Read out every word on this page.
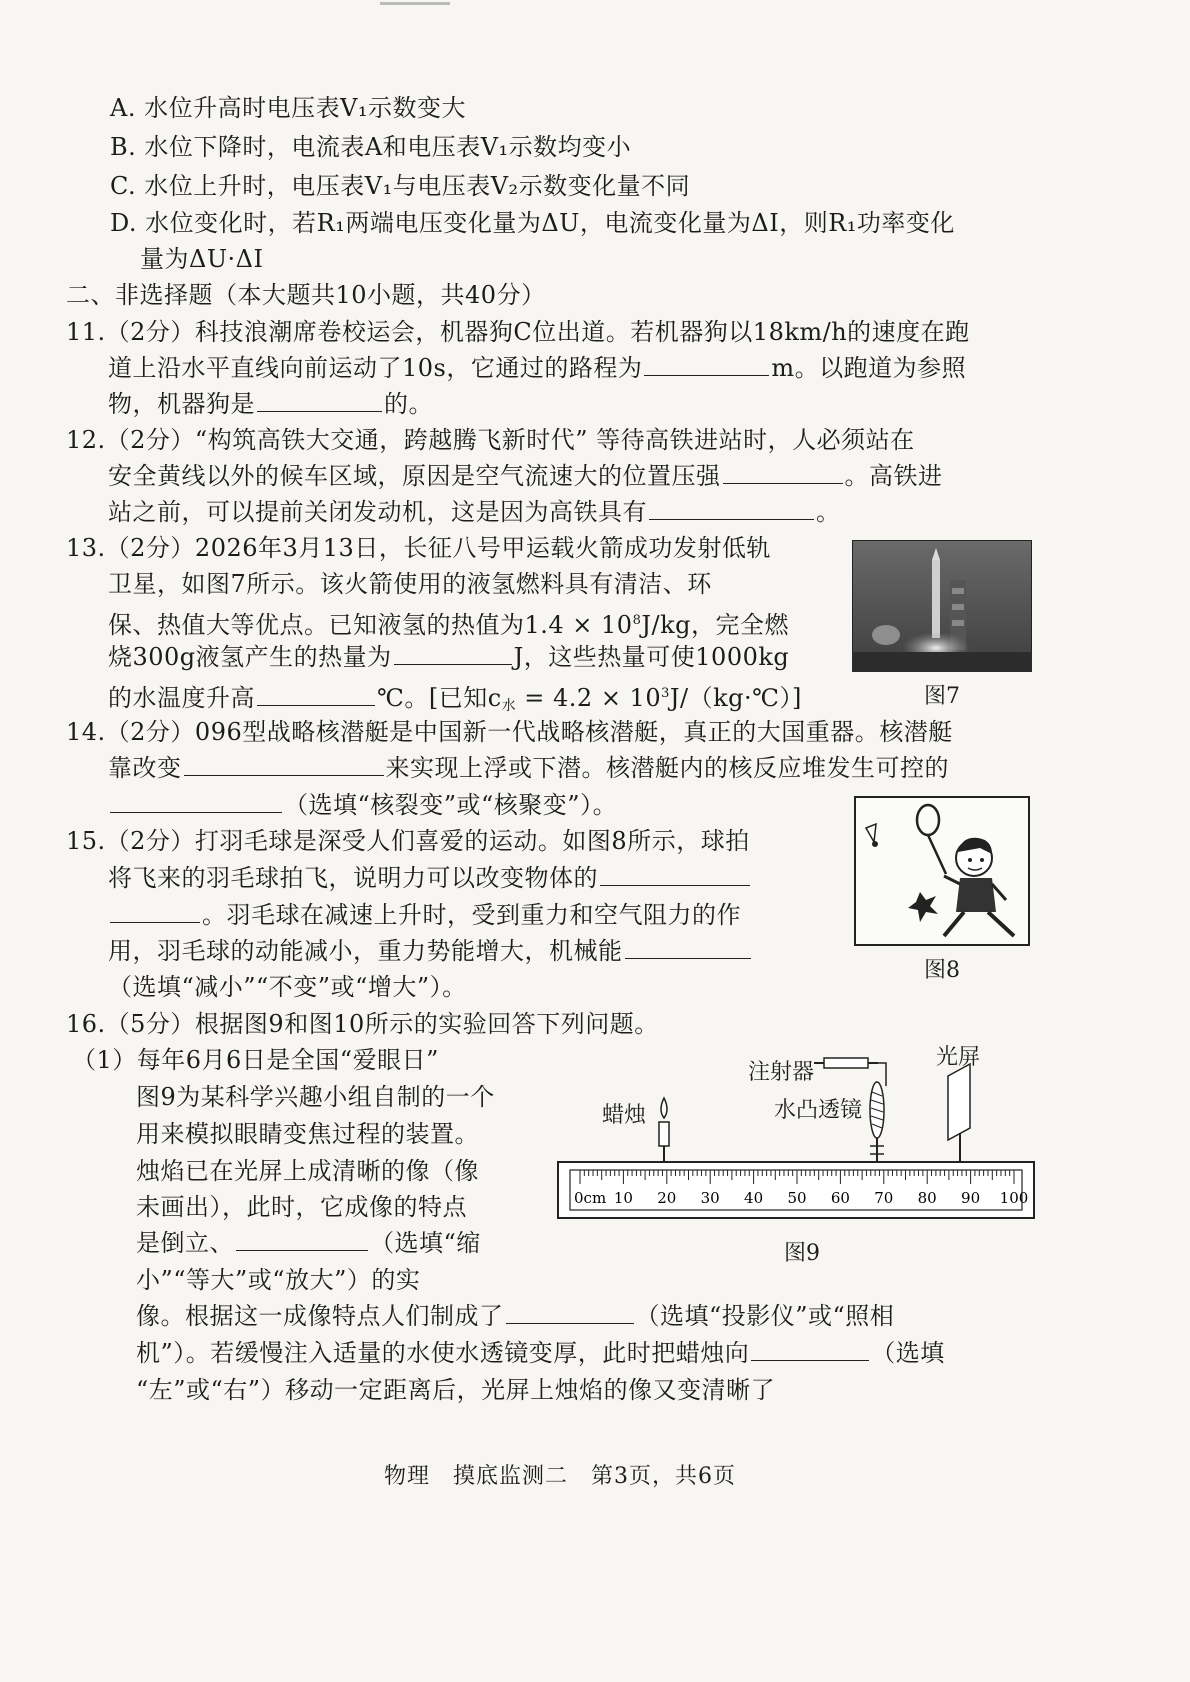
A. 水位升高时电压表V₁示数变大
B. 水位下降时，电流表A和电压表V₁示数均变小
C. 水位上升时，电压表V₁与电压表V₂示数变化量不同
D. 水位变化时，若R₁两端电压变化量为ΔU，电流变化量为ΔI，则R₁功率变化
量为ΔU·ΔI
二、非选择题（本大题共10小题，共40分）
11.（2分）科技浪潮席卷校运会，机器狗C位出道。若机器狗以18km/h的速度在跑
道上沿水平直线向前运动了10s，它通过的路程为	m。以跑道为参照
物，机器狗是	的。
12.（2分）“构筑高铁大交通，跨越腾飞新时代” 等待高铁进站时，人必须站在
安全黄线以外的候车区域，原因是空气流速大的位置压强	。高铁进
站之前，可以提前关闭发动机，这是因为高铁具有	。
13.（2分）2026年3月13日，长征八号甲运载火箭成功发射低轨
卫星，如图7所示。该火箭使用的液氢燃料具有清洁、环
保、热值大等优点。已知液氢的热值为$1.4 \times 10^8J/kg$，完全燃
烧300g液氢产生的热量为	J，这些热量可使1000kg
的水温度升高	℃。[已知$c_水 = 4.2$ × $10^3J/(kg\cdot℃)$]	图7
14.（2分）096型战略核潜艇是中国新一代战略核潜艇，真正的大国重器。核潜艇
靠改变	来实现上浮或下潜。核潜艇内的核反应堆发生可控的
（选填“核裂变”或“核聚变”）。
图8
15.（2分）打羽毛球是深受人们喜爱的运动。如图8所示，球拍
将飞来的羽毛球拍飞，说明力可以改变物体的
。羽毛球在减速上升时，受到重力和空气阻力的作
用，羽毛球的动能减小，重力势能增大，机械能
（选填“减小”“不变”或“增大”）。
16.（5分）根据图9和图10所示的实验回答下列问题。
（1）每年6月6日是全国“爱眼日”
图9为某科学兴趣小组自制的一个
用来模拟眼睛变焦过程的装置。
烛焰已在光屏上成清晰的像（像
未画出），此时，它成像的特点
是倒立、	（选填“缩
小”“等大”或“放大”）的实
像。根据这一成像特点人们制成了	（选填“投影仪”或“照相
机”）。若缓慢注入适量的水使水透镜变厚，此时把蜡烛向	（选填
“左”或“右”）移动一定距离后，光屏上烛焰的像又变清晰了
注射器
光屏
蜡烛	水凸透镜
0cm 10 20 30 40 50 60 70 80 90 100
图9
物理　摸底监测二　第3页，共6页
